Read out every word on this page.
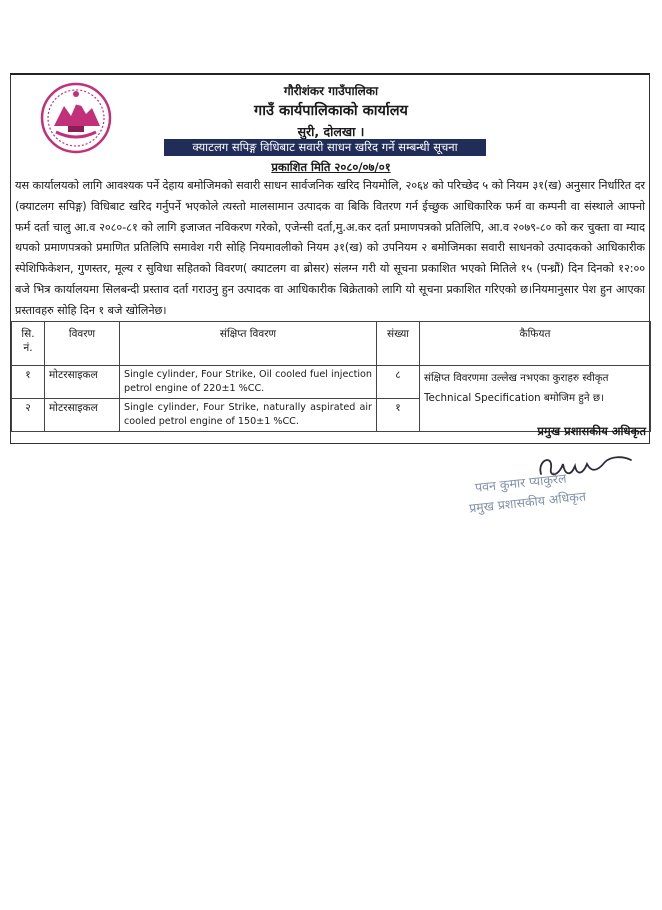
गौरीशंकर गाउँपालिका
गाउँ कार्यपालिकाको कार्यालय
सुरी, दोलखा ।
क्याटलग सपिङ्ग विधिबाट सवारी साधन खरिद गर्ने सम्बन्धी सूचना
प्रकाशित मिति २०८०/०७/०१
यस कार्यालयको लागि आवश्यक पर्ने देहाय बमोजिमको सवारी साधन सार्वजनिक खरिद नियमोलि, २०६४ को परिच्छेद ५ को नियम ३१(ख) अनुसार निर्धारित दर (क्याटलग सपिङ्ग) विधिबाट खरिद गर्नुपर्ने भएकोले त्यस्तो मालसामान उत्पादक वा बिकि वितरण गर्न ईच्छुक आधिकारिक फर्म वा कम्पनी वा संस्थाले आफ्नो फर्म दर्ता चालु आ.व २०८०-८१ को लागि इजाजत नविकरण गरेको, एजेन्सी दर्ता,मु.अ.कर दर्ता प्रमाणपत्रको प्रतिलिपि, आ.व २०७९-८० को कर चुक्ता वा म्याद थपको प्रमाणपत्रको प्रमाणित प्रतिलिपि समावेश गरी सोहि नियमावलीको नियम ३१(ख) को उपनियम २ बमोजिमका सवारी साधनको उत्पादकको आधिकारीक स्पेशिफिकेशन, गुणस्तर, मूल्य र सुविधा सहितको विवरण( क्याटलग वा ब्रोसर) संलग्न गरी यो सूचना प्रकाशित भएको मितिले १५ (पन्ध्रौं) दिन दिनको १२:०० बजे भित्र कार्यालयमा सिलबन्दी प्रस्ताव दर्ता गराउनु हुन उत्पादक वा आधिकारीक बिक्रेताको लागि यो सूचना प्रकाशित गरिएको छ।नियमानुसार पेश हुन आएका प्रस्तावहरु सोहि दिन १ बजे खोलिनेछ।
सि.
नं.	विवरण	संक्षिप्त विवरण	संख्या	कैफियत
१	मोटरसाइकल	Single cylinder, Four Strike, Oil cooled fuel injection petrol engine of 220±1 %CC.	८	संक्षिप्त विवरणमा उल्लेख नभएका कुराहरु स्वीकृत
Technical Specification बमोजिम हुने छ।

२	मोटरसाइकल	Single cylinder, Four Strike, naturally aspirated air cooled petrol engine of 150±1 %CC.	१	
प्रमुख प्रशासकीय अधिकृत
पवन कुमार प्याकुरेल
प्रमुख प्रशासकीय अधिकृत
